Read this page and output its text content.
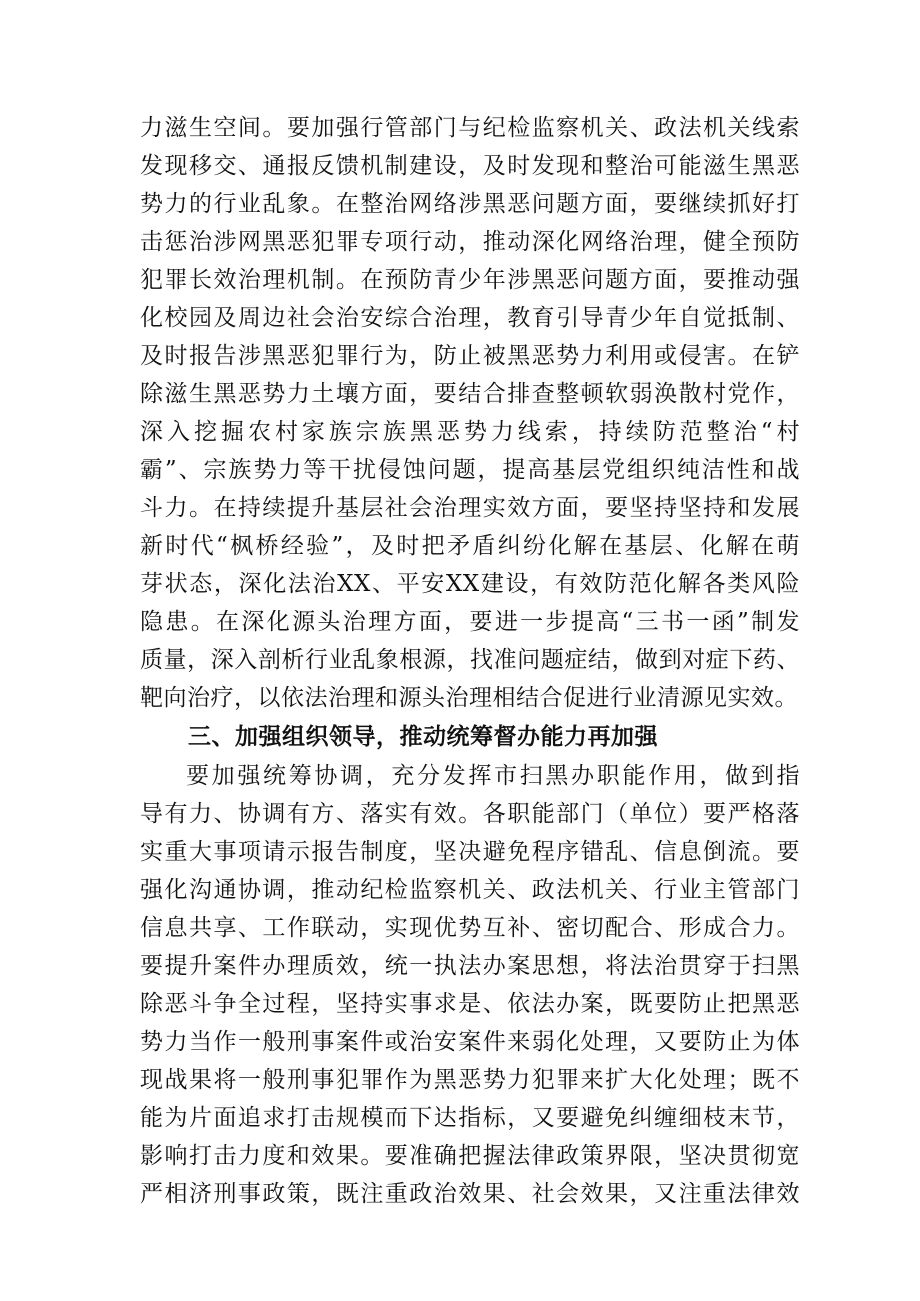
力滋生空间。要加强行管部门与纪检监察机关、政法机关线索
发现移交、通报反馈机制建设，及时发现和整治可能滋生黑恶
势力的行业乱象。在整治网络涉黑恶问题方面，要继续抓好打
击惩治涉网黑恶犯罪专项行动，推动深化网络治理，健全预防
犯罪长效治理机制。在预防青少年涉黑恶问题方面，要推动强
化校园及周边社会治安综合治理，教育引导青少年自觉抵制、
及时报告涉黑恶犯罪行为，防止被黑恶势力利用或侵害。在铲
除滋生黑恶势力土壤方面，要结合排查整顿软弱涣散村党作，
深入挖掘农村家族宗族黑恶势力线索，持续防范整治“村
霸”、宗族势力等干扰侵蚀问题，提高基层党组织纯洁性和战
斗力。在持续提升基层社会治理实效方面，要坚持坚持和发展
新时代“枫桥经验”，及时把矛盾纠纷化解在基层、化解在萌
芽状态，深化法治XX、平安XX建设，有效防范化解各类风险
隐患。在深化源头治理方面，要进一步提高“三书一函”制发
质量，深入剖析行业乱象根源，找准问题症结，做到对症下药、
靶向治疗，以依法治理和源头治理相结合促进行业清源见实效。
三、加强组织领导，推动统筹督办能力再加强
要加强统筹协调，充分发挥市扫黑办职能作用，做到指
导有力、协调有方、落实有效。各职能部门（单位）要严格落
实重大事项请示报告制度，坚决避免程序错乱、信息倒流。要
强化沟通协调，推动纪检监察机关、政法机关、行业主管部门
信息共享、工作联动，实现优势互补、密切配合、形成合力。
要提升案件办理质效，统一执法办案思想，将法治贯穿于扫黑
除恶斗争全过程，坚持实事求是、依法办案，既要防止把黑恶
势力当作一般刑事案件或治安案件来弱化处理，又要防止为体
现战果将一般刑事犯罪作为黑恶势力犯罪来扩大化处理；既不
能为片面追求打击规模而下达指标，又要避免纠缠细枝末节，
影响打击力度和效果。要准确把握法律政策界限，坚决贯彻宽
严相济刑事政策，既注重政治效果、社会效果，又注重法律效
